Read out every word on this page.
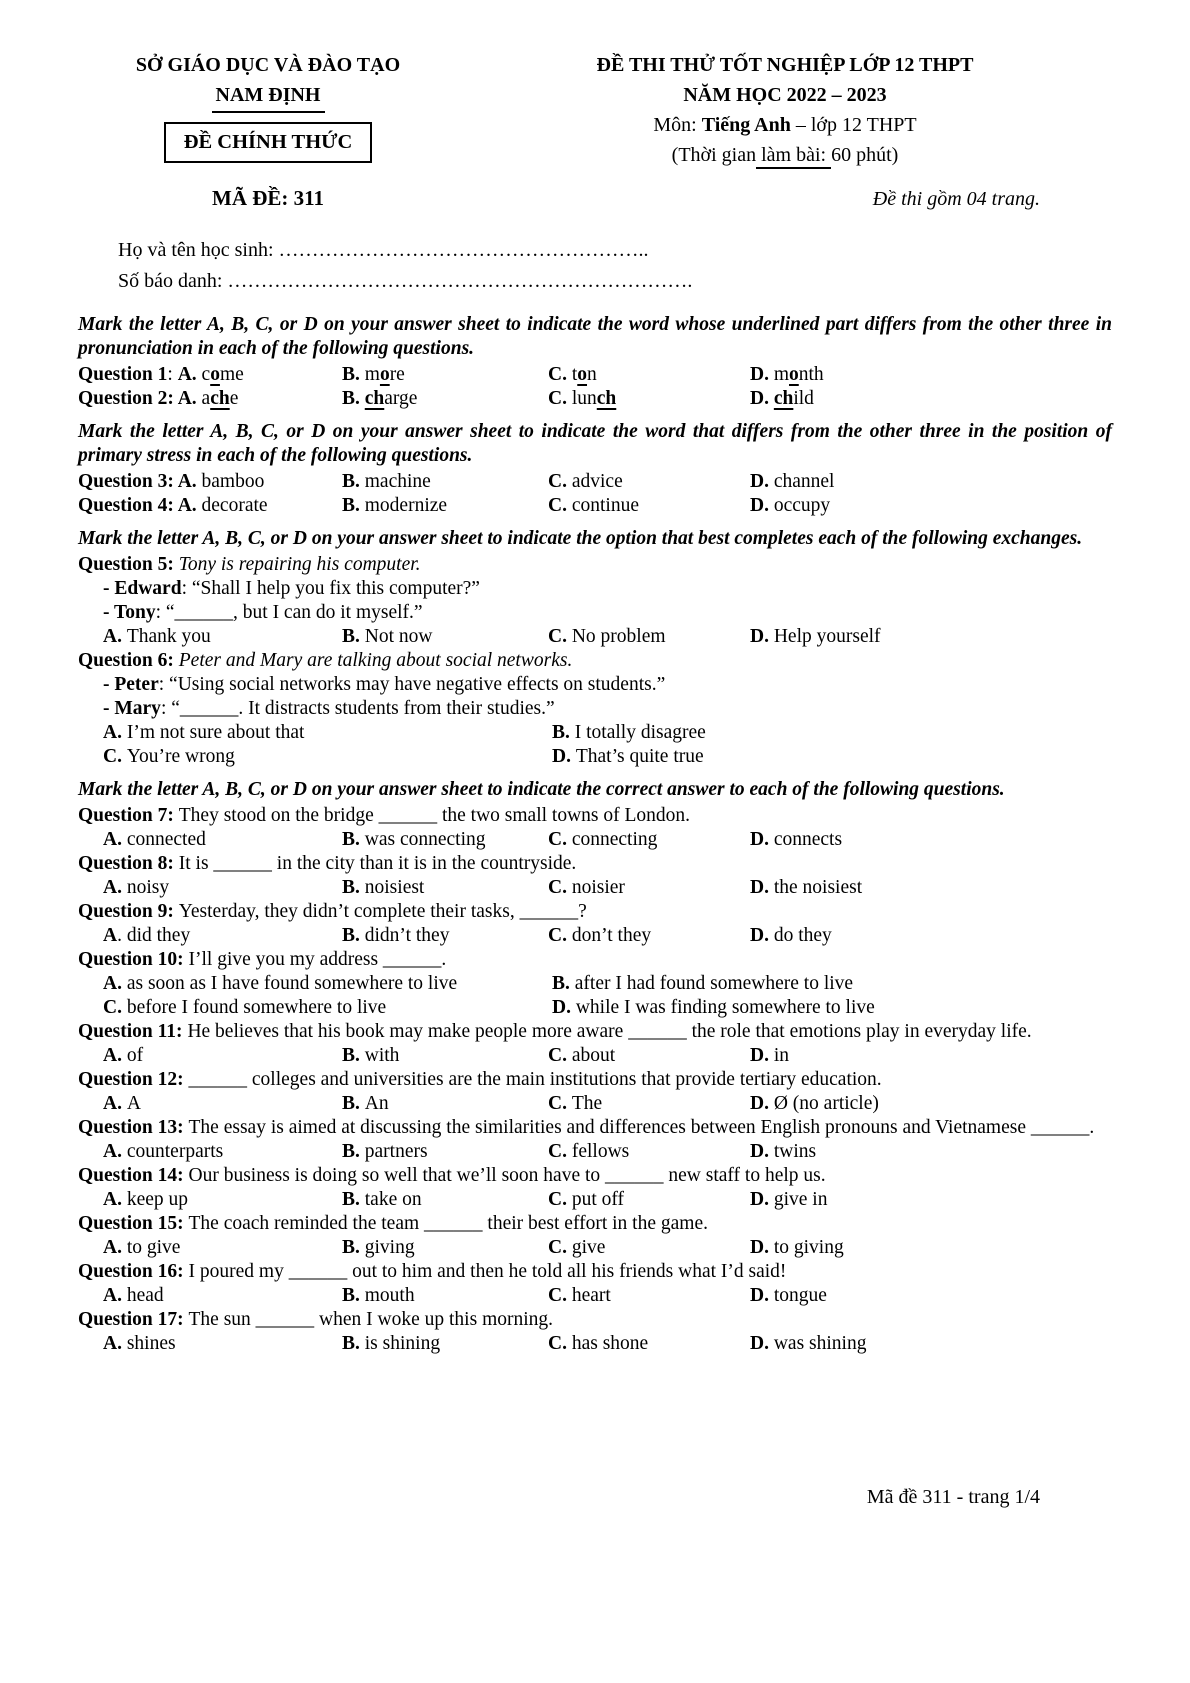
SỞ GIÁO DỤC VÀ ĐÀO TẠO
NAM ĐỊNH
ĐỀ CHÍNH THỨC
ĐỀ THI THỬ TỐT NGHIỆP LỚP 12 THPT
NĂM HỌC 2022 – 2023
Môn: Tiếng Anh – lớp 12 THPT
(Thời gian làm bài: 60 phút)
MÃ ĐỀ: 311	Đề thi gồm 04 trang.
Họ và tên học sinh: ………………………………………………..
Số báo danh: …………………………………………………………….
Mark the letter A, B, C, or D on your answer sheet to indicate the word whose underlined part differs from the other three in pronunciation in each of the following questions.
Question 1: A. come	B. more	C. ton	D. month
Question 2: A. ache	B. charge	C. lunch	D. child
Mark the letter A, B, C, or D on your answer sheet to indicate the word that differs from the other three in the position of primary stress in each of the following questions.
Question 3: A. bamboo	B. machine	C. advice	D. channel
Question 4: A. decorate	B. modernize	C. continue	D. occupy
Mark the letter A, B, C, or D on your answer sheet to indicate the option that best completes each of the following exchanges.
Question 5: Tony is repairing his computer.
- Edward: “Shall I help you fix this computer?”
- Tony: “______, but I can do it myself.”
A. Thank you	B. Not now	C. No problem	D. Help yourself
Question 6: Peter and Mary are talking about social networks.
- Peter: “Using social networks may have negative effects on students.”
- Mary: “______. It distracts students from their studies.”
A. I’m not sure about that	B. I totally disagree
C. You’re wrong	D. That’s quite true
Mark the letter A, B, C, or D on your answer sheet to indicate the correct answer to each of the following questions.
Question 7: They stood on the bridge ______ the two small towns of London.
A. connected	B. was connecting	C. connecting	D. connects
Question 8: It is ______ in the city than it is in the countryside.
A. noisy	B. noisiest	C. noisier	D. the noisiest
Question 9: Yesterday, they didn’t complete their tasks, ______?
A. did they	B. didn’t they	C. don’t they	D. do they
Question 10: I’ll give you my address ______.
A. as soon as I have found somewhere to live	B. after I had found somewhere to live
C. before I found somewhere to live	D. while I was finding somewhere to live
Question 11: He believes that his book may make people more aware ______ the role that emotions play in everyday life.
A. of	B. with	C. about	D. in
Question 12: ______ colleges and universities are the main institutions that provide tertiary education.
A. A	B. An	C. The	D. Ø (no article)
Question 13: The essay is aimed at discussing the similarities and differences between English pronouns and Vietnamese ______.
A. counterparts	B. partners	C. fellows	D. twins
Question 14: Our business is doing so well that we’ll soon have to ______ new staff to help us.
A. keep up	B. take on	C. put off	D. give in
Question 15: The coach reminded the team ______ their best effort in the game.
A. to give	B. giving	C. give	D. to giving
Question 16: I poured my ______ out to him and then he told all his friends what I’d said!
A. head	B. mouth	C. heart	D. tongue
Question 17: The sun ______ when I woke up this morning.
A. shines	B. is shining	C. has shone	D. was shining
Mã đề 311 - trang 1/4
